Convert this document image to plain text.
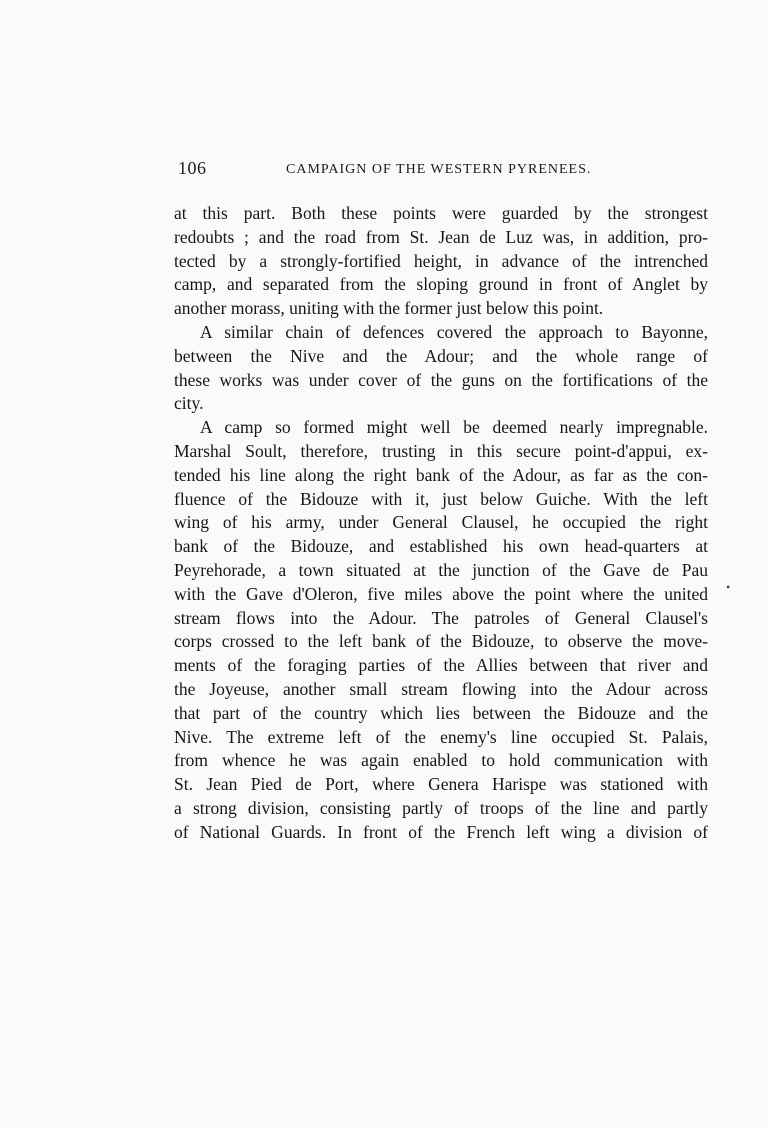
106	CAMPAIGN OF THE WESTERN PYRENEES.
at this part. Both these points were guarded by the strongest
redoubts ; and the road from St. Jean de Luz was, in addition, pro-
tected by a strongly-fortified height, in advance of the intrenched
camp, and separated from the sloping ground in front of Anglet by
another morass, uniting with the former just below this point.
A similar chain of defences covered the approach to Bayonne,
between the Nive and the Adour; and the whole range of
these works was under cover of the guns on the fortifications of the
city.
A camp so formed might well be deemed nearly impregnable.
Marshal Soult, therefore, trusting in this secure point-d'appui, ex-
tended his line along the right bank of the Adour, as far as the con-
fluence of the Bidouze with it, just below Guiche. With the left
wing of his army, under General Clausel, he occupied the right
bank of the Bidouze, and established his own head-quarters at
Peyrehorade, a town situated at the junction of the Gave de Pau
with the Gave d'Oleron, five miles above the point where the united
stream flows into the Adour. The patroles of General Clausel's
corps crossed to the left bank of the Bidouze, to observe the move-
ments of the foraging parties of the Allies between that river and
the Joyeuse, another small stream flowing into the Adour across
that part of the country which lies between the Bidouze and the
Nive. The extreme left of the enemy's line occupied St. Palais,
from whence he was again enabled to hold communication with
St. Jean Pied de Port, where Genera Harispe was stationed with
a strong division, consisting partly of troops of the line and partly
of National Guards. In front of the French left wing a division of
•
